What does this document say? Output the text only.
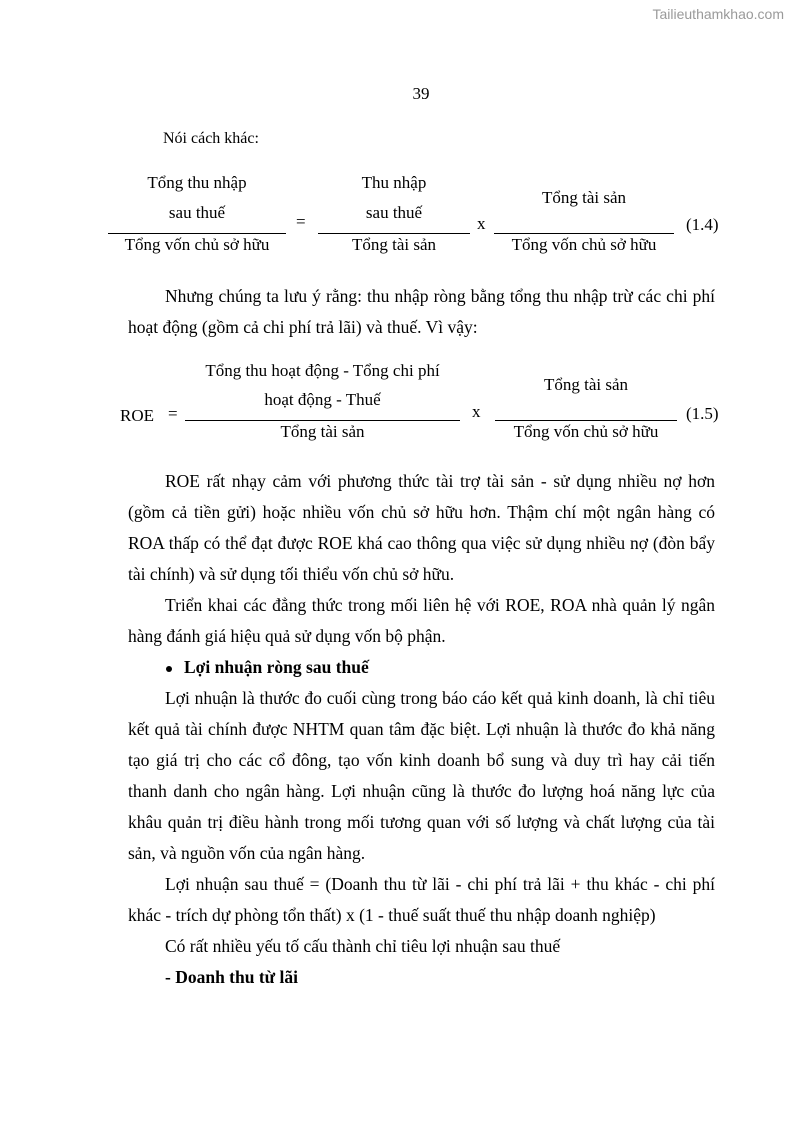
Tailieuthamkhao.com
39
Nói cách khác:
Tổng thu nhập
sau thuế
Tổng vốn chủ sở hữu
=
Thu nhập
sau thuế
Tổng tài sản
x
Tổng tài sản
Tổng vốn chủ sở hữu
(1.4)

Nhưng chúng ta lưu ý rằng: thu nhập ròng bằng tổng thu nhập trừ các chi phí hoạt động (gồm cả chi phí trả lãi) và thuế. Vì vậy:

ROE =
Tổng thu hoạt động - Tổng chi phí
hoạt động - Thuế
Tổng tài sản
x
Tổng tài sản
Tổng vốn chủ sở hữu
(1.5)

ROE rất nhạy cảm với phương thức tài trợ tài sản - sử dụng nhiều nợ hơn (gồm cả tiền gửi) hoặc nhiều vốn chủ sở hữu hơn. Thậm chí một ngân hàng có ROA thấp có thể đạt được ROE khá cao thông qua việc sử dụng nhiều nợ (đòn bẩy tài chính) và sử dụng tối thiểu vốn chủ sở hữu.

Triển khai các đẳng thức trong mối liên hệ với ROE, ROA nhà quản lý ngân hàng đánh giá hiệu quả sử dụng vốn bộ phận.

Lợi nhuận ròng sau thuế

Lợi nhuận là thước đo cuối cùng trong báo cáo kết quả kinh doanh, là chỉ tiêu kết quả tài chính được NHTM quan tâm đặc biệt. Lợi nhuận là thước đo khả năng tạo giá trị cho các cổ đông, tạo vốn kinh doanh bổ sung và duy trì hay cải tiến thanh danh cho ngân hàng. Lợi nhuận cũng là thước đo lượng hoá năng lực của khâu quản trị điều hành trong mối tương quan với số lượng và chất lượng của tài sản, và nguồn vốn của ngân hàng.

Lợi nhuận sau thuế = (Doanh thu từ lãi - chi phí trả lãi + thu khác - chi phí khác - trích dự phòng tổn thất) x (1 - thuế suất thuế thu nhập doanh nghiệp)

Có rất nhiều yếu tố cấu thành chỉ tiêu lợi nhuận sau thuế

- Doanh thu từ lãi
